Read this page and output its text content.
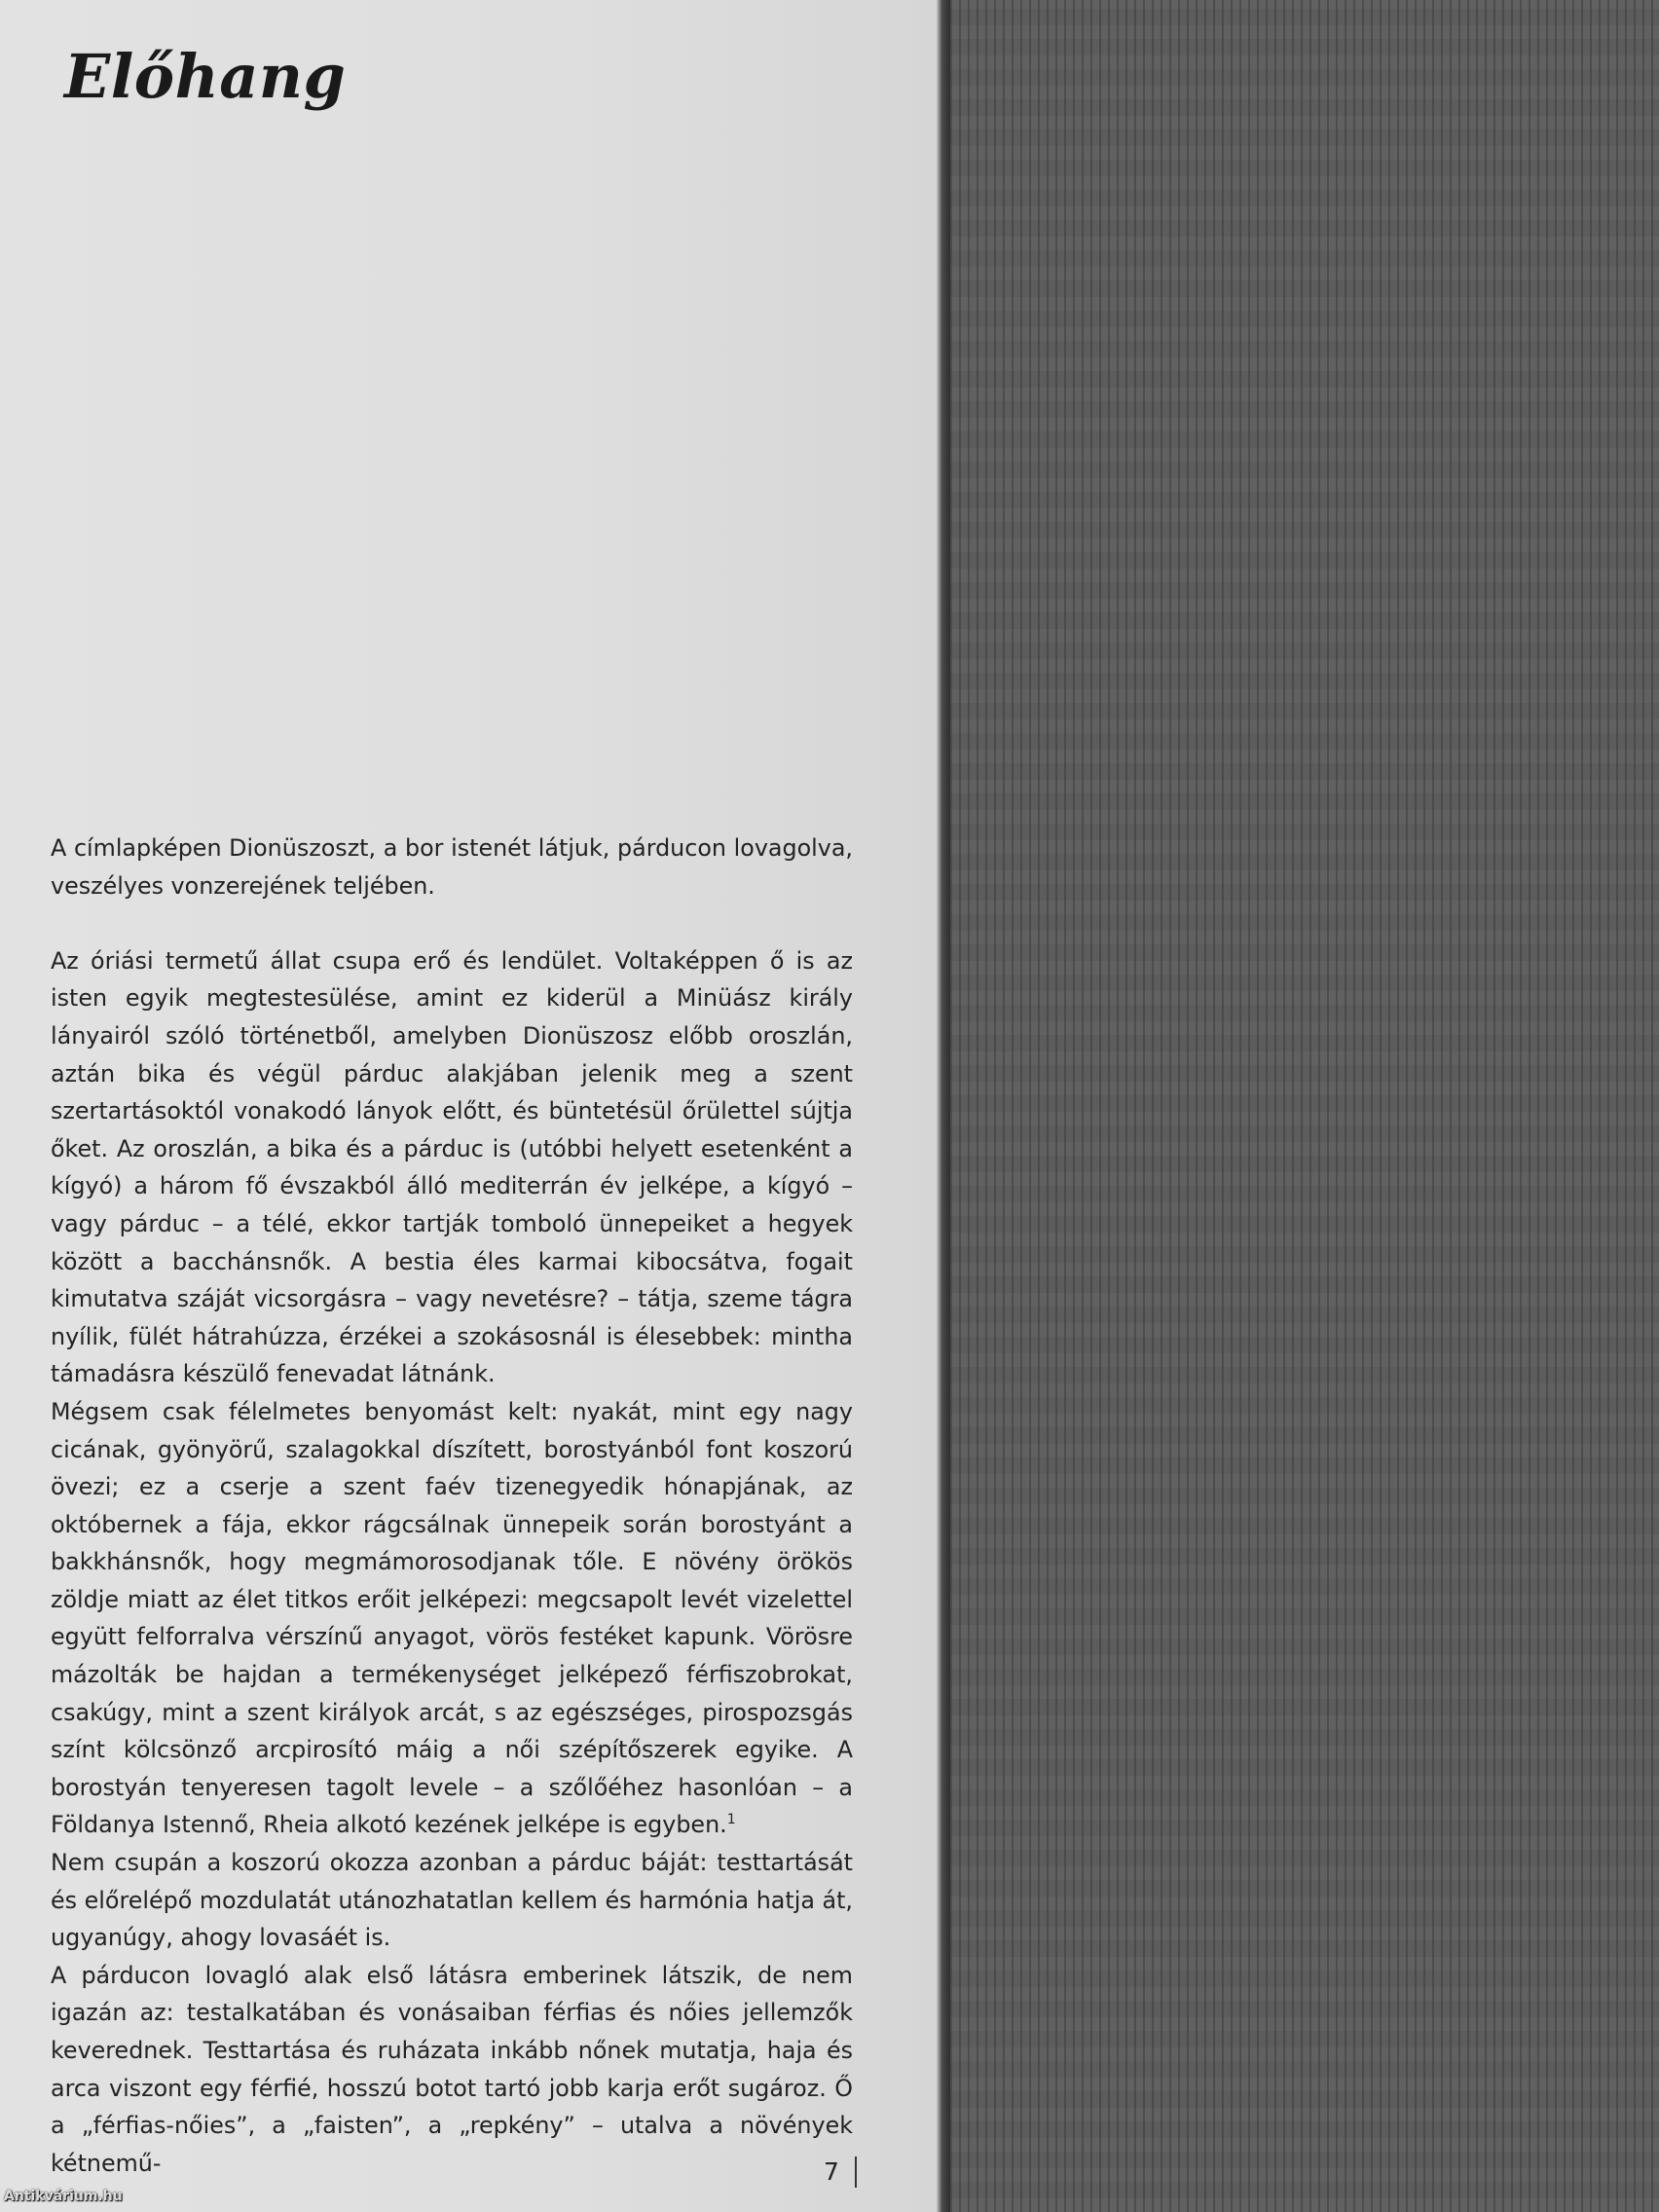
Előhang

A címlapképen Dionüszoszt, a bor istenét látjuk, párducon lovagolva, veszélyes vonzerejének teljében.

Az óriási termetű állat csupa erő és lendület. Voltaképpen ő is az isten egyik megtestesülése, amint ez kiderül a Minüász király lányairól szóló történetből, amelyben Dionüszosz előbb oroszlán, aztán bika és végül párduc alakjában jelenik meg a szent szertartásoktól vonakodó lányok előtt, és büntetésül őrülettel sújtja őket. Az oroszlán, a bika és a párduc is (utóbbi helyett esetenként a kígyó) a három fő évszakból álló mediterrán év jelképe, a kígyó – vagy párduc – a télé, ekkor tartják tomboló ünnepeiket a hegyek között a bacchánsnők. A bestia éles karmai kibocsátva, fogait kimutatva száját vicsorgásra – vagy nevetésre? – tátja, szeme tágra nyílik, fülét hátrahúzza, érzékei a szokásosnál is élesebbek: mintha támadásra készülő fenevadat látnánk.

Mégsem csak félelmetes benyomást kelt: nyakát, mint egy nagy cicának, gyönyörű, szalagokkal díszített, borostyánból font koszorú övezi; ez a cserje a szent faév tizenegyedik hónapjának, az októbernek a fája, ekkor rágcsálnak ünnepeik során borostyánt a bakkhánsnők, hogy megmámorosodjanak tőle. E növény örökös zöldje miatt az élet titkos erőit jelképezi: megcsapolt levét vizelettel együtt felforralva vérszínű anyagot, vörös festéket kapunk. Vörösre mázolták be hajdan a termékenységet jelképező férfiszobrokat, csakúgy, mint a szent királyok arcát, s az egészséges, pirospozsgás színt kölcsönző arcpirosító máig a női szépítőszerek egyike. A borostyán tenyeresen tagolt levele – a szőlőéhez hasonlóan – a Földanya Istennő, Rheia alkotó kezének jelképe is egyben.$^1$

Nem csupán a koszorú okozza azonban a párduc báját: testtartását és előrelépő mozdulatát utánozhatatlan kellem és harmónia hatja át, ugyanúgy, ahogy lovasáét is.

A párducon lovagló alak első látásra emberinek látszik, de nem igazán az: testalkatában és vonásaiban férfias és nőies jellemzők keverednek. Testtartása és ruházata inkább nőnek mutatja, haja és arca viszont egy férfié, hosszú botot tartó jobb karja erőt sugároz. Ő a „férfias-nőies”, a „faisten”, a „repkény” – utalva a növények kétnemű-	7
Antikvárium.hu
